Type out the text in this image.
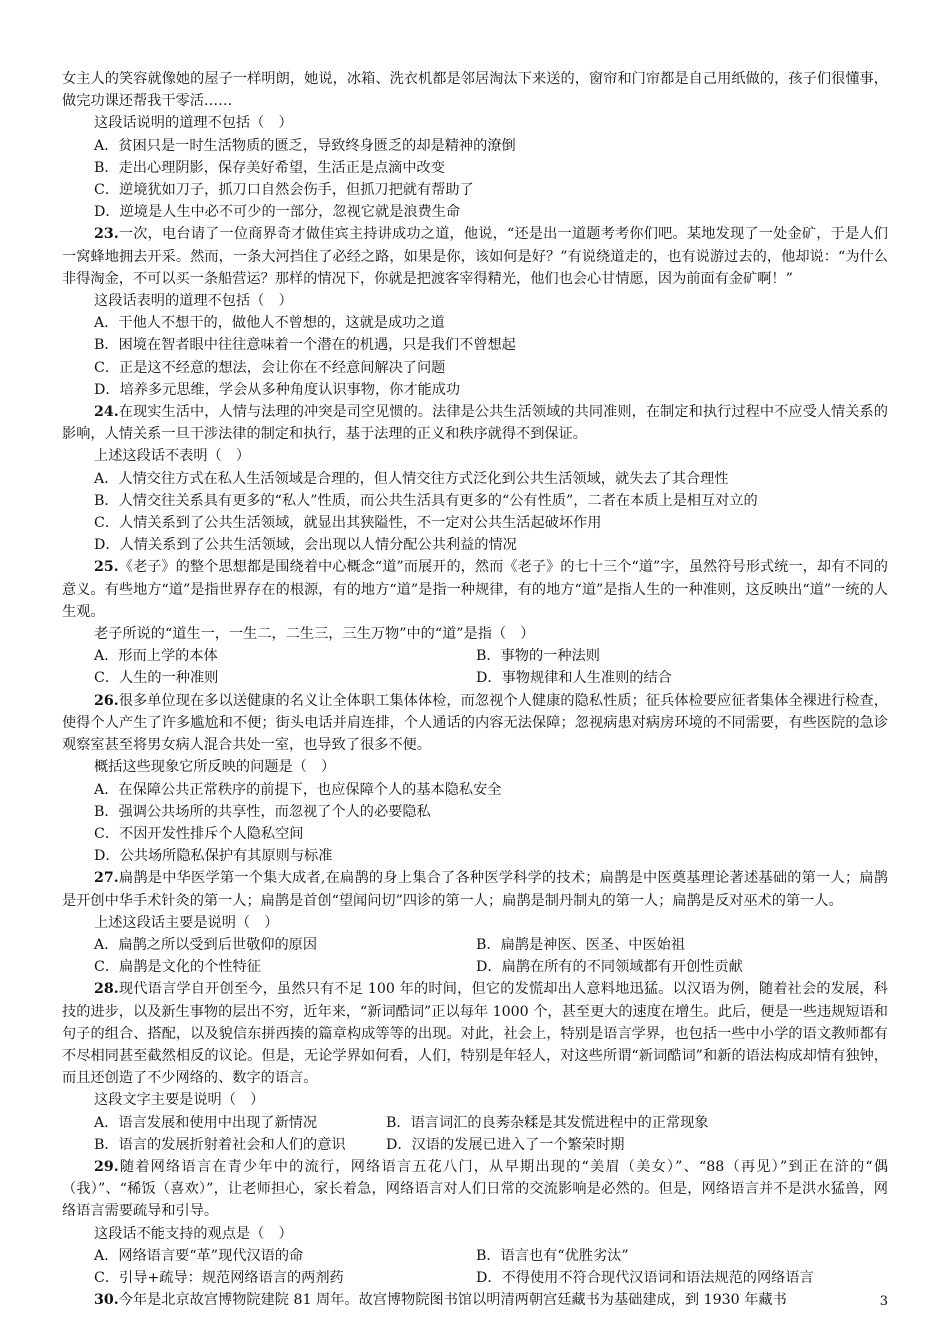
女主人的笑容就像她的屋子一样明朗，她说，冰箱、洗衣机都是邻居淘汰下来送的，窗帘和门帘都是自己用纸做的，孩子们很懂事，做完功课还帮我干零活……

这段话说明的道理不包括（　）

A．贫困只是一时生活物质的匮乏，导致终身匮乏的却是精神的潦倒

B．走出心理阴影，保存美好希望，生活正是点滴中改变

C．逆境犹如刀子，抓刀口自然会伤手，但抓刀把就有帮助了

D．逆境是人生中必不可少的一部分，忽视它就是浪费生命

23.一次，电台请了一位商界奇才做佳宾主持讲成功之道，他说，“还是出一道题考考你们吧。某地发现了一处金矿，于是人们一窝蜂地拥去开采。然而，一条大河挡住了必经之路，如果是你，该如何是好？”有说绕道走的，也有说游过去的，他却说：“为什么非得淘金，不可以买一条船营运？那样的情况下，你就是把渡客宰得精光，他们也会心甘情愿，因为前面有金矿啊！”

这段话表明的道理不包括（　）

A．干他人不想干的，做他人不曾想的，这就是成功之道

B．困境在智者眼中往往意味着一个潜在的机遇，只是我们不曾想起

C．正是这不经意的想法，会让你在不经意间解决了问题

D．培养多元思维，学会从多种角度认识事物，你才能成功

24.在现实生活中，人情与法理的冲突是司空见惯的。法律是公共生活领域的共同准则，在制定和执行过程中不应受人情关系的影响，人情关系一旦干涉法律的制定和执行，基于法理的正义和秩序就得不到保证。

上述这段话不表明（　）

A．人情交往方式在私人生活领域是合理的，但人情交往方式泛化到公共生活领域，就失去了其合理性

B．人情交往关系具有更多的“私人”性质，而公共生活具有更多的“公有性质”，二者在本质上是相互对立的

C．人情关系到了公共生活领域，就显出其狭隘性，不一定对公共生活起破坏作用

D．人情关系到了公共生活领域，会出现以人情分配公共利益的情况

25.《老子》的整个思想都是围绕着中心概念“道”而展开的，然而《老子》的七十三个“道”字，虽然符号形式统一，却有不同的意义。有些地方“道”是指世界存在的根源，有的地方“道”是指一种规律，有的地方“道”是指人生的一种准则，这反映出“道”一统的人生观。

老子所说的“道生一，一生二，二生三，三生万物”中的“道”是指（　）

A．形而上学的本体	B．事物的一种法则
C．人生的一种准则	D．事物规律和人生准则的结合

26.很多单位现在多以送健康的名义让全体职工集体体检，而忽视个人健康的隐私性质；征兵体检要应征者集体全裸进行检查，使得个人产生了许多尴尬和不便；街头电话并肩连排，个人通话的内容无法保障；忽视病患对病房环境的不同需要，有些医院的急诊观察室甚至将男女病人混合共处一室，也导致了很多不便。

概括这些现象它所反映的问题是（　）

A．在保障公共正常秩序的前提下，也应保障个人的基本隐私安全

B．强调公共场所的共享性，而忽视了个人的必要隐私

C．不因开发性排斥个人隐私空间

D．公共场所隐私保护有其原则与标准

27.扁鹊是中华医学第一个集大成者,在扁鹊的身上集合了各种医学科学的技术；扁鹊是中医奠基理论著述基础的第一人；扁鹊是开创中华手术针灸的第一人；扁鹊是首创“望闻问切”四诊的第一人；扁鹊是制丹制丸的第一人；扁鹊是反对巫术的第一人。

上述这段话主要是说明（　）

A．扁鹊之所以受到后世敬仰的原因	B．扁鹊是神医、医圣、中医始祖
C．扁鹊是文化的个性特征	D．扁鹊在所有的不同领域都有开创性贡献

28.现代语言学自开创至今，虽然只有不足 100 年的时间，但它的发慌却出人意料地迅猛。以汉语为例，随着社会的发展，科技的进步，以及新生事物的层出不穷，近年来，“新词酷词”正以每年 1000 个，甚至更大的速度在增生。此后，便是一些违规短语和句子的组合、搭配，以及貌信东拼西揍的篇章构成等等的出现。对此，社会上，特别是语言学界，也包括一些中小学的语文教师都有不尽相同甚至截然相反的议论。但是，无论学界如何看，人们，特别是年轻人，对这些所谓“新词酷词”和新的语法构成却情有独钟，而且还创造了不少网络的、数字的语言。

这段文字主要是说明（　）

A．语言发展和使用中出现了新情况	B．语言词汇的良莠杂糅是其发慌进程中的正常现象
B．语言的发展折射着社会和人们的意识	D．汉语的发展已进入了一个繁荣时期

29.随着网络语言在青少年中的流行，网络语言五花八门，从早期出现的“美眉（美女）”、“88（再见）”到正在浒的“偶（我）”、“稀饭（喜欢）”，让老师担心，家长着急，网络语言对人们日常的交流影响是必然的。但是，网络语言并不是洪水猛兽，网络语言需要疏导和引导。

这段话不能支持的观点是（　）

A．网络语言要“革”现代汉语的命	B．语言也有“优胜劣汰”
C．引导+疏导：规范网络语言的两剂药	D．不得使用不符合现代汉语词和语法规范的网络语言

30.今年是北京故宫博物院建院 81 周年。故宫博物院图书馆以明清两朝宫廷藏书为基础建成，到 1930 年藏书	3
